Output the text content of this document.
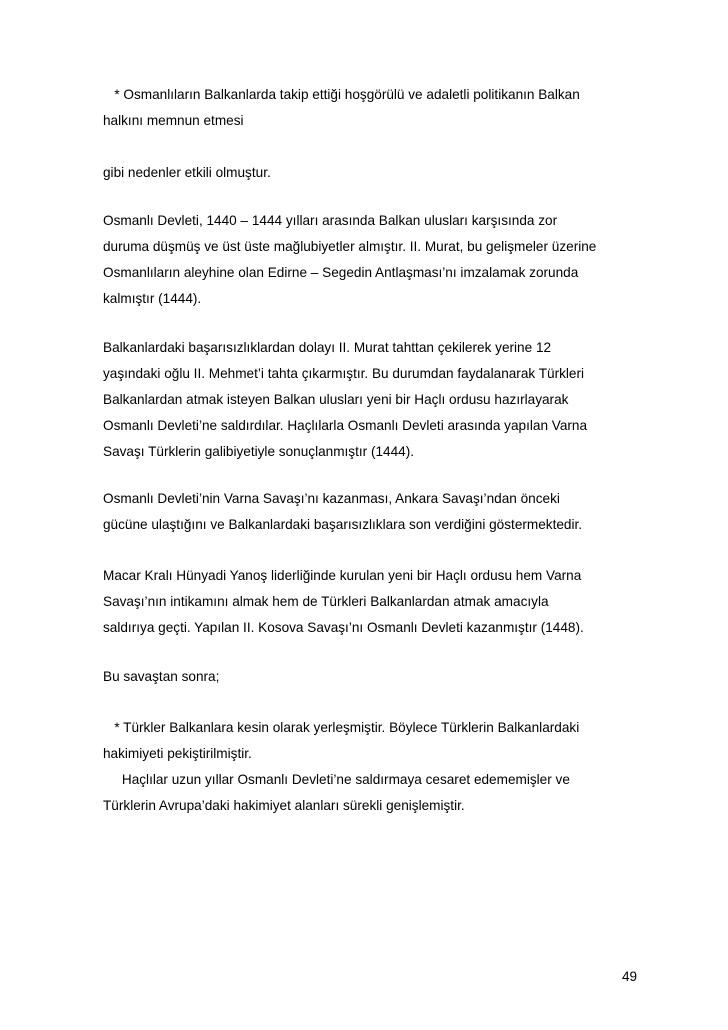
* Osmanlıların Balkanlarda takip ettiği hoşgörülü ve adaletli politikanın Balkan
halkını memnun etmesi
gibi nedenler etkili olmuştur.
Osmanlı Devleti, 1440 – 1444 yılları arasında Balkan ulusları karşısında zor
duruma düşmüş ve üst üste mağlubiyetler almıştır. II. Murat, bu gelişmeler üzerine
Osmanlıların aleyhine olan Edirne – Segedin Antlaşması’nı imzalamak zorunda
kalmıştır (1444).
Balkanlardaki başarısızlıklardan dolayı II. Murat tahttan çekilerek yerine 12
yaşındaki oğlu II. Mehmet’i tahta çıkarmıştır. Bu durumdan faydalanarak Türkleri
Balkanlardan atmak isteyen Balkan ulusları yeni bir Haçlı ordusu hazırlayarak
Osmanlı Devleti’ne saldırdılar. Haçlılarla Osmanlı Devleti arasında yapılan Varna
Savaşı Türklerin galibiyetiyle sonuçlanmıştır (1444).
Osmanlı Devleti’nin Varna Savaşı’nı kazanması, Ankara Savaşı’ndan önceki
gücüne ulaştığını ve Balkanlardaki başarısızlıklara son verdiğini göstermektedir.
Macar Kralı Hünyadi Yanoş liderliğinde kurulan yeni bir Haçlı ordusu hem Varna
Savaşı’nın intikamını almak hem de Türkleri Balkanlardan atmak amacıyla
saldırıya geçti. Yapılan II. Kosova Savaşı’nı Osmanlı Devleti kazanmıştır (1448).
Bu savaştan sonra;
* Türkler Balkanlara kesin olarak yerleşmiştir. Böylece Türklerin Balkanlardaki
hakimiyeti pekiştirilmiştir.
Haçlılar uzun yıllar Osmanlı Devleti’ne saldırmaya cesaret edememişler ve
Türklerin Avrupa’daki hakimiyet alanları sürekli genişlemiştir.
49
